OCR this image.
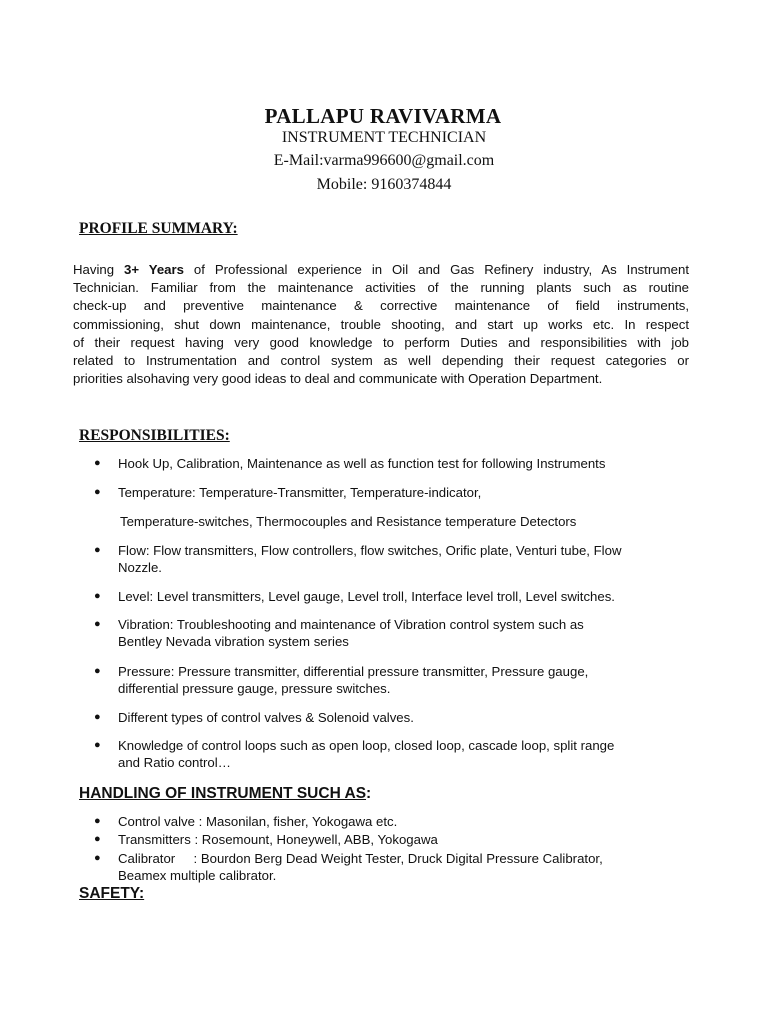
PALLAPU RAVIVARMA
INSTRUMENT TECHNICIAN
E-Mail:varma996600@gmail.com
Mobile: 9160374844
PROFILE SUMMARY:
Having 3+ Years of Professional experience in Oil and Gas Refinery industry, As Instrument
Technician. Familiar from the maintenance activities of the running plants such as routine
check-up and preventive maintenance & corrective maintenance of field instruments,
commissioning, shut down maintenance, trouble shooting, and start up works etc. In respect
of their request having very good knowledge to perform Duties and responsibilities with job
related to Instrumentation and control system as well depending their request categories or
priorities alsohaving very good ideas to deal and communicate with Operation Department.
RESPONSIBILITIES:
●	Hook Up, Calibration, Maintenance as well as function test for following Instruments
●	Temperature: Temperature-Transmitter, Temperature-indicator,
Temperature-switches, Thermocouples and Resistance temperature Detectors
●	Flow: Flow transmitters, Flow controllers, flow switches, Orific plate, Venturi tube, Flow
Nozzle.
●	Level: Level transmitters, Level gauge, Level troll, Interface level troll, Level switches.
●	Vibration: Troubleshooting and maintenance of Vibration control system such as
Bentley Nevada vibration system series
●	Pressure: Pressure transmitter, differential pressure transmitter, Pressure gauge,
differential pressure gauge, pressure switches.
●	Different types of control valves & Solenoid valves.
●	Knowledge of control loops such as open loop, closed loop, cascade loop, split range
and Ratio control…
HANDLING OF INSTRUMENT SUCH AS:
●	Control valve : Masonilan, fisher, Yokogawa etc.
●	Transmitters : Rosemount, Honeywell, ABB, Yokogawa
●	Calibrator     : Bourdon Berg Dead Weight Tester, Druck Digital Pressure Calibrator,
Beamex multiple calibrator.
SAFETY:
